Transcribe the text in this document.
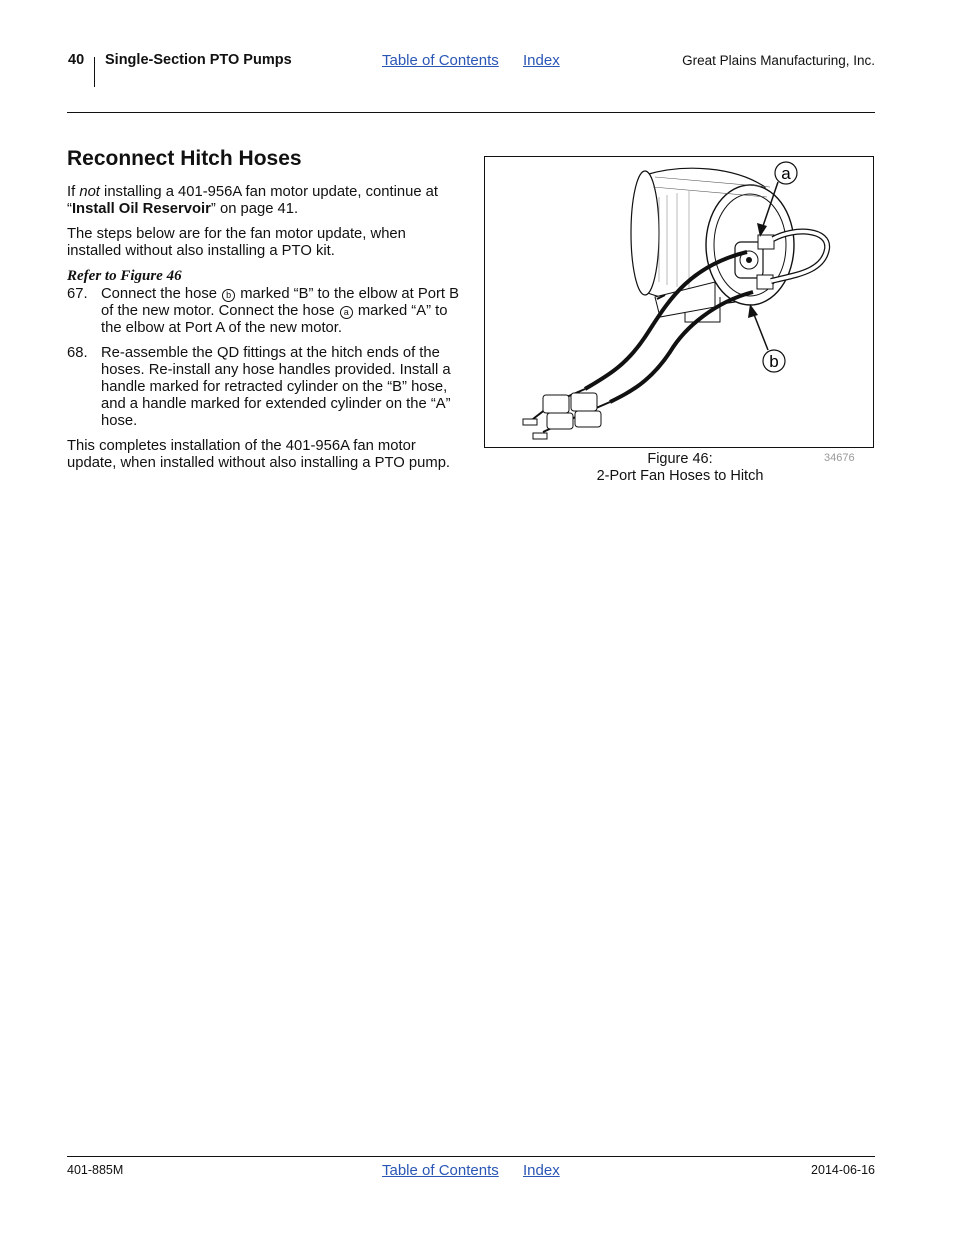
40 Single-Section PTO Pumps	Table of Contents Index	Great Plains Manufacturing, Inc.
Reconnect Hitch Hoses

If not installing a 401-956A fan motor update, continue at “Install Oil Reservoir” on page 41.

The steps below are for the fan motor update, when installed without also installing a PTO kit.

Refer to Figure 46
67. Connect the hose b marked “B” to the elbow at Port B of the new motor. Connect the hose a marked “A” to the elbow at Port A of the new motor.
68. Re-assemble the QD fittings at the hitch ends of the hoses. Re-install any hose handles provided. Install a handle marked for retracted cylinder on the “B” hose, and a handle marked for extended cylinder on the “A” hose.

This completes installation of the 401-956A fan motor update, when installed without also installing a PTO pump.

a
b
Figure 46:
2-Port Fan Hoses to Hitch
34676
401-885M	Table of Contents Index	2014-06-16
